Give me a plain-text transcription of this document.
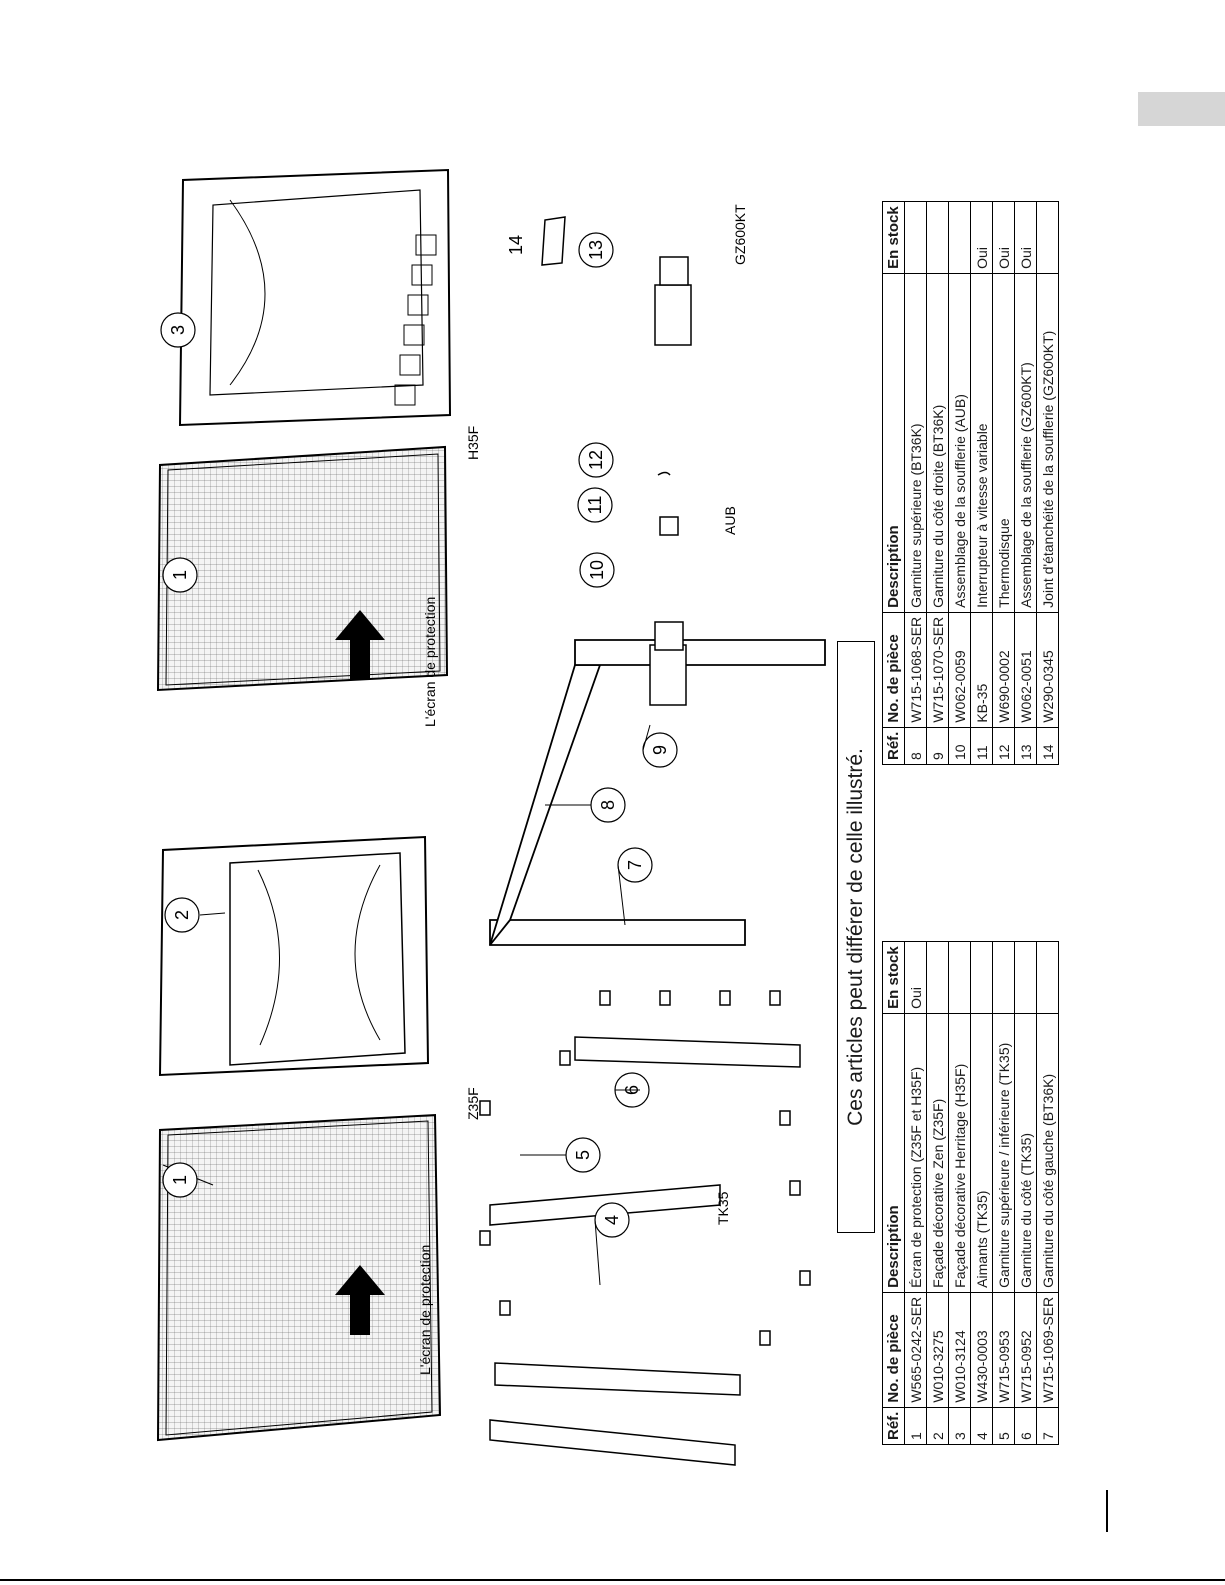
1
2
1
3
4
5
6
7
8
9
10
11
12
13
14
Z35F
H35F
TK35
AUB
GZ600KT
L'écran de protection
L'écran de protection
Ces articles peut différer de celle illustré.
Réf.	No. de pièce	Description	En stock
1	W565-0242-SER	Écran de protection (Z35F et H35F)	Oui
2	W010-3275	Façade décorative Zen (Z35F)	
3	W010-3124	Façade décorative Herritage (H35F)	
4	W430-0003	Aimants (TK35)	
5	W715-0953	Garniture supérieure / inférieure (TK35)	
6	W715-0952	Garniture du côté (TK35)	
7	W715-1069-SER	Garniture du côté gauche (BT36K)	
Réf.	No. de pièce	Description	En stock
8	W715-1068-SER	Garniture supérieure (BT36K)	
9	W715-1070-SER	Garniture du côté droite (BT36K)	
10	W062-0059	Assemblage de la soufflerie (AUB)	
11	KB-35	Interrupteur à vitesse variable	Oui
12	W690-0002	Thermodisque	Oui
13	W062-0051	Assemblage de la soufflerie (GZ600KT)	Oui
14	W290-0345	Joint d'étanchéité de la soufflerie (GZ600KT)	
